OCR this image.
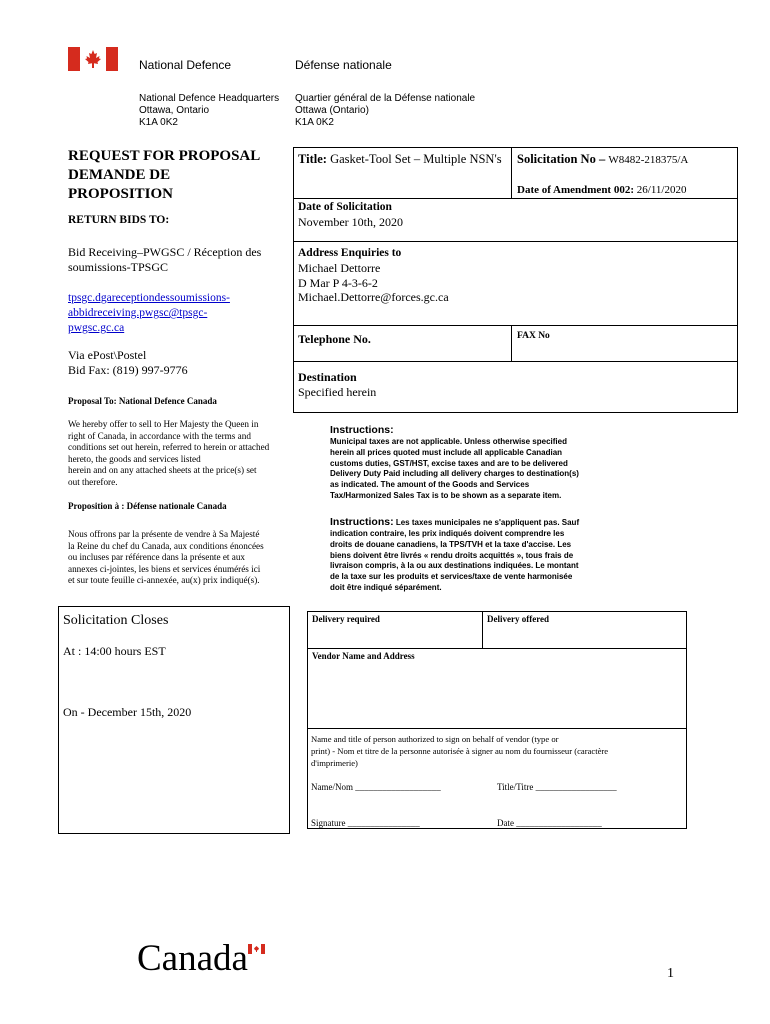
National Defence	Défense nationale
National Defence Headquarters
Ottawa, Ontario
K1A 0K2
Quartier général de la Défense nationale
Ottawa (Ontario)
K1A 0K2
REQUEST FOR PROPOSAL
DEMANDE DE
PROPOSITION
RETURN BIDS TO:
Bid Receiving–PWGSC / Réception des
soumissions-TPSGC
tpsgc.dgareceptiondessoumissions-
abbidreceiving.pwgsc@tpsgc-
pwgsc.gc.ca
Via ePost\Postel
Bid Fax: (819) 997-9776
Proposal To: National Defence Canada
We hereby offer to sell to Her Majesty the Queen in
right of Canada, in accordance with the terms and
conditions set out herein, referred to herein or attached
hereto, the goods and services listed
herein and on any attached sheets at the price(s) set
out therefore.
Proposition à : Défense nationale Canada
Nous offrons par la présente de vendre à Sa Majesté
la Reine du chef du Canada, aux conditions énoncées
ou incluses par référence dans la présente et aux
annexes ci-jointes, les biens et services énumérés ici
et sur toute feuille ci-annexée, au(x) prix indiqué(s).
Solicitation Closes
At : 14:00 hours EST
On - December 15th, 2020
Title: Gasket-Tool Set – Multiple NSN's Solicitation No – W8482-218375/A
Date of Amendment 002: 26/11/2020
Date of Solicitation
November 10th, 2020
Address Enquiries to
Michael Dettorre
D Mar P 4-3-6-2
Michael.Dettorre@forces.gc.ca
Telephone No.	FAX No
Destination
Specified herein
Instructions:
Municipal taxes are not applicable. Unless otherwise specified
herein all prices quoted must include all applicable Canadian
customs duties, GST/HST, excise taxes and are to be delivered
Delivery Duty Paid including all delivery charges to destination(s)
as indicated. The amount of the Goods and Services
Tax/Harmonized Sales Tax is to be shown as a separate item.
Instructions: Les taxes municipales ne s'appliquent pas. Sauf
indication contraire, les prix indiqués doivent comprendre les
droits de douane canadiens, la TPS/TVH et la taxe d'accise. Les
biens doivent être livrés « rendu droits acquittés », tous frais de
livraison compris, à la ou aux destinations indiquées. Le montant
de la taxe sur les produits et services/taxe de vente harmonisée
doit être indiqué séparément.
Delivery required	Delivery offered
Vendor Name and Address
Name and title of person authorized to sign on behalf of vendor (type or
print) - Nom et titre de la personne autorisée à signer au nom du fournisseur (caractère
d'imprimerie)
Name/Nom ___________________	Title/Titre __________________
Signature ________________	Date ___________________
Canada	1
